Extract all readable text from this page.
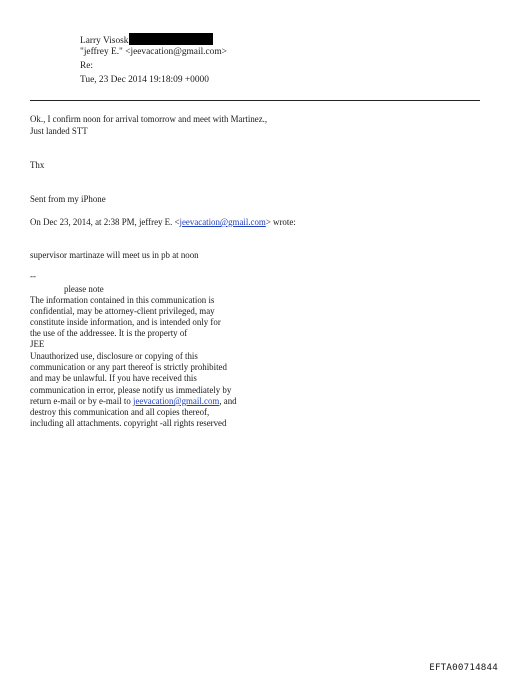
Larry Visosk
"jeffrey E." <jeevacation@gmail.com>
Re:
Tue, 23 Dec 2014 19:18:09 +0000
Ok., I confirm noon for arrival tomorrow and meet with Martinez.,
Just landed STT
Thx
Sent from my iPhone
On Dec 23, 2014, at 2:38 PM, jeffrey E. <jeevacation@gmail.com> wrote:
supervisor martinaze will meet us in pb at noon
--
please note
The information contained in this communication is
confidential, may be attorney-client privileged, may
constitute inside information, and is intended only for
the use of the addressee. It is the property of
JEE
Unauthorized use, disclosure or copying of this
communication or any part thereof is strictly prohibited
and may be unlawful. If you have received this
communication in error, please notify us immediately by
return e-mail or by e-mail to jeevacation@gmail.com, and
destroy this communication and all copies thereof,
including all attachments. copyright -all rights reserved
EFTA00714844
